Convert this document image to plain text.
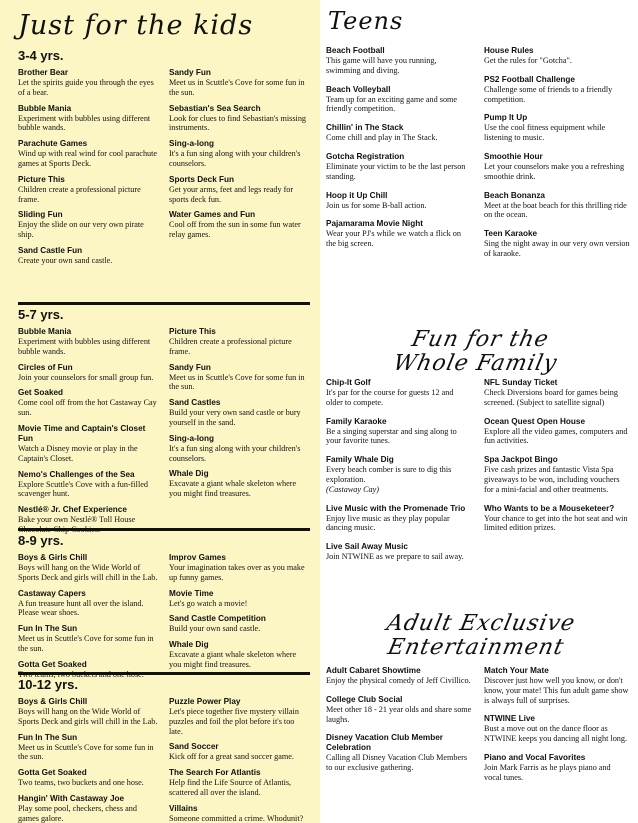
Just for the kids
3-4 yrs.
Brother Bear
Let the spirits guide you through the eyes of a bear.
Bubble Mania
Experiment with bubbles using different bubble wands.
Parachute Games
Wind up with real wind for cool parachute games at Sports Deck.
Picture This
Children create a professional picture frame.
Sliding Fun
Enjoy the slide on our very own pirate ship.
Sand Castle Fun
Create your own sand castle.
Sandy Fun
Meet us in Scuttle's Cove for some fun in the sun.
Sebastian's Sea Search
Look for clues to find Sebastian's missing instruments.
Sing-a-long
It's a fun sing along with your children's counselors.
Sports Deck Fun
Get your arms, feet and legs ready for sports deck fun.
Water Games and Fun
Cool off from the sun in some fun water relay games.
5-7 yrs.
Bubble Mania
Experiment with bubbles using different bubble wands.
Circles of Fun
Join your counselors for small group fun.
Get Soaked
Come cool off from the hot Castaway Cay sun.
Movie Time and Captain's Closet Fun
Watch a Disney movie or play in the Captain's Closet.
Nemo's Challenges of the Sea
Explore Scuttle's Cove with a fun-filled scavenger hunt.
Nestlé® Jr. Chef Experience
Bake your own Nestlé® Toll House Chocolate Chip Cookies.
Picture This
Children create a professional picture frame.
Sandy Fun
Meet us in Scuttle's Cove for some fun in the sun.
Sand Castles
Build your very own sand castle or bury yourself in the sand.
Sing-a-long
It's a fun sing along with your children's counselors.
Whale Dig
Excavate a giant whale skeleton where you might find treasures.
8-9 yrs.
Boys & Girls Chill
Boys will hang on the Wide World of Sports Deck and girls will chill in the Lab.
Castaway Capers
A fun treasure hunt all over the island. Please wear shoes.
Fun In The Sun
Meet us in Scuttle's Cove for some fun in the sun.
Gotta Get Soaked
Two teams, two buckets and one hose.
Improv Games
Your imagination takes over as you make up funny games.
Movie Time
Let's go watch a movie!
Sand Castle Competition
Build your own sand castle.
Whale Dig
Excavate a giant whale skeleton where you might find treasures.
10-12 yrs.
Boys & Girls Chill
Boys will hang on the Wide World of Sports Deck and girls will chill in the Lab.
Fun In The Sun
Meet us in Scuttle's Cove for some fun in the sun.
Gotta Get Soaked
Two teams, two buckets and one hose.
Hangin' With Castaway Joe
Play some pool, checkers, chess and games galore.
Puzzle Power Play
Let's piece together five mystery villain puzzles and foil the plot before it's too late.
Sand Soccer
Kick off for a great sand soccer game.
The Search For Atlantis
Help find the Life Source of Atlantis, scattered all over the island.
Villains
Someone committed a crime. Whodunit?
Teens
Beach Football
This game will have you running, swimming and diving.
Beach Volleyball
Team up for an exciting game and some friendly competition.
Chillin' in The Stack
Come chill and play in The Stack.
Gotcha Registration
Eliminate your victim to be the last person standing.
Hoop it Up Chill
Join us for some B-ball action.
Pajamarama Movie Night
Wear your PJ's while we watch a flick on the big screen.
House Rules
Get the rules for "Gotcha".
PS2 Football Challenge
Challenge some of friends to a friendly competition.
Pump It Up
Use the cool fitness equipment while listening to music.
Smoothie Hour
Let your counselors make you a refreshing smoothie drink.
Beach Bonanza
Meet at the boat beach for this thrilling ride on the ocean.
Teen Karaoke
Sing the night away in our very own version of karaoke.
Fun for the
Whole Family
Chip-It Golf
It's par for the course for guests 12 and older to compete.
Family Karaoke
Be a singing superstar and sing along to your favorite tunes.
Family Whale Dig
Every beach comber is sure to dig this exploration.
(Castaway Cay)
Live Music with the Promenade Trio
Enjoy live music as they play popular dancing music.
Live Sail Away Music
Join NTWINE as we prepare to sail away.
NFL Sunday Ticket
Check Diversions board for games being screened. (Subject to satellite signal)
Ocean Quest Open House
Explore all the video games, computers and fun activities.
Spa Jackpot Bingo
Five cash prizes and fantastic Vista Spa giveaways to be won, including vouchers for a mini-facial and other treatments.
Who Wants to be a Mouseketeer?
Your chance to get into the hot seat and win limited edition prizes.
Adult Exclusive
Entertainment
Adult Cabaret Showtime
Enjoy the physical comedy of Jeff Civillico.
College Club Social
Meet other 18 - 21 year olds and share some laughs.
Disney Vacation Club Member Celebration
Calling all Disney Vacation Club Members to our exclusive gathering.
Match Your Mate
Discover just how well you know, or don't know, your mate! This fun adult game show is always full of surprises.
NTWINE Live
Bust a move out on the dance floor as NTWINE keeps you dancing all night long.
Piano and Vocal Favorites
Join Mark Farris as he plays piano and vocal tunes.
